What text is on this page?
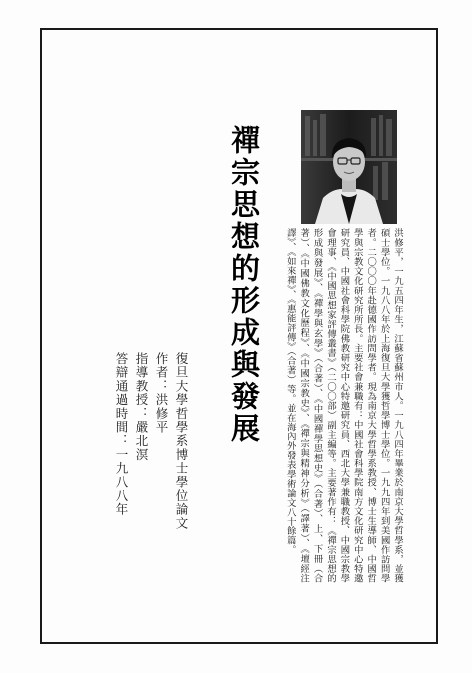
禪宗思想的形成與發展	洪修平，一九五四年生，江蘇省蘇州市人。一九八四年畢業於南京大學哲學系，並獲碩士學位。一九八八年於上海復旦大學獲哲學博士學位。一九九四年到美國作訪問學者。二〇〇〇年赴德國作訪問學者。現為南京大學哲學系教授、博士生導師、中國哲學與宗教文化研究所所長。主要社會兼職有：中國社會科學院南方文化研究中心特邀研究員、中國社會科學院佛教研究中心特邀研究員、西北大學兼職教授、中國宗教學會理事、《中國思想家評傳叢書》（二〇〇部）副主編等。主要著作有：《禪宗思想的形成與發展》、《禪學與玄學》（合著）、《中國禪學思想史》（合著）、上、下冊（合著）、《中國佛教文化歷程》、《中國宗教史》、《禪宗與精神分析》（譯著）、《壇經注譯》、《如來禪》、《惠能評傳》（合著）等。並在海內外發表學術論文八十餘篇。
復旦大學哲學系博士學位論文
作者：洪修平
指導教授：嚴北溟
答辯通過時間：一九八八年
